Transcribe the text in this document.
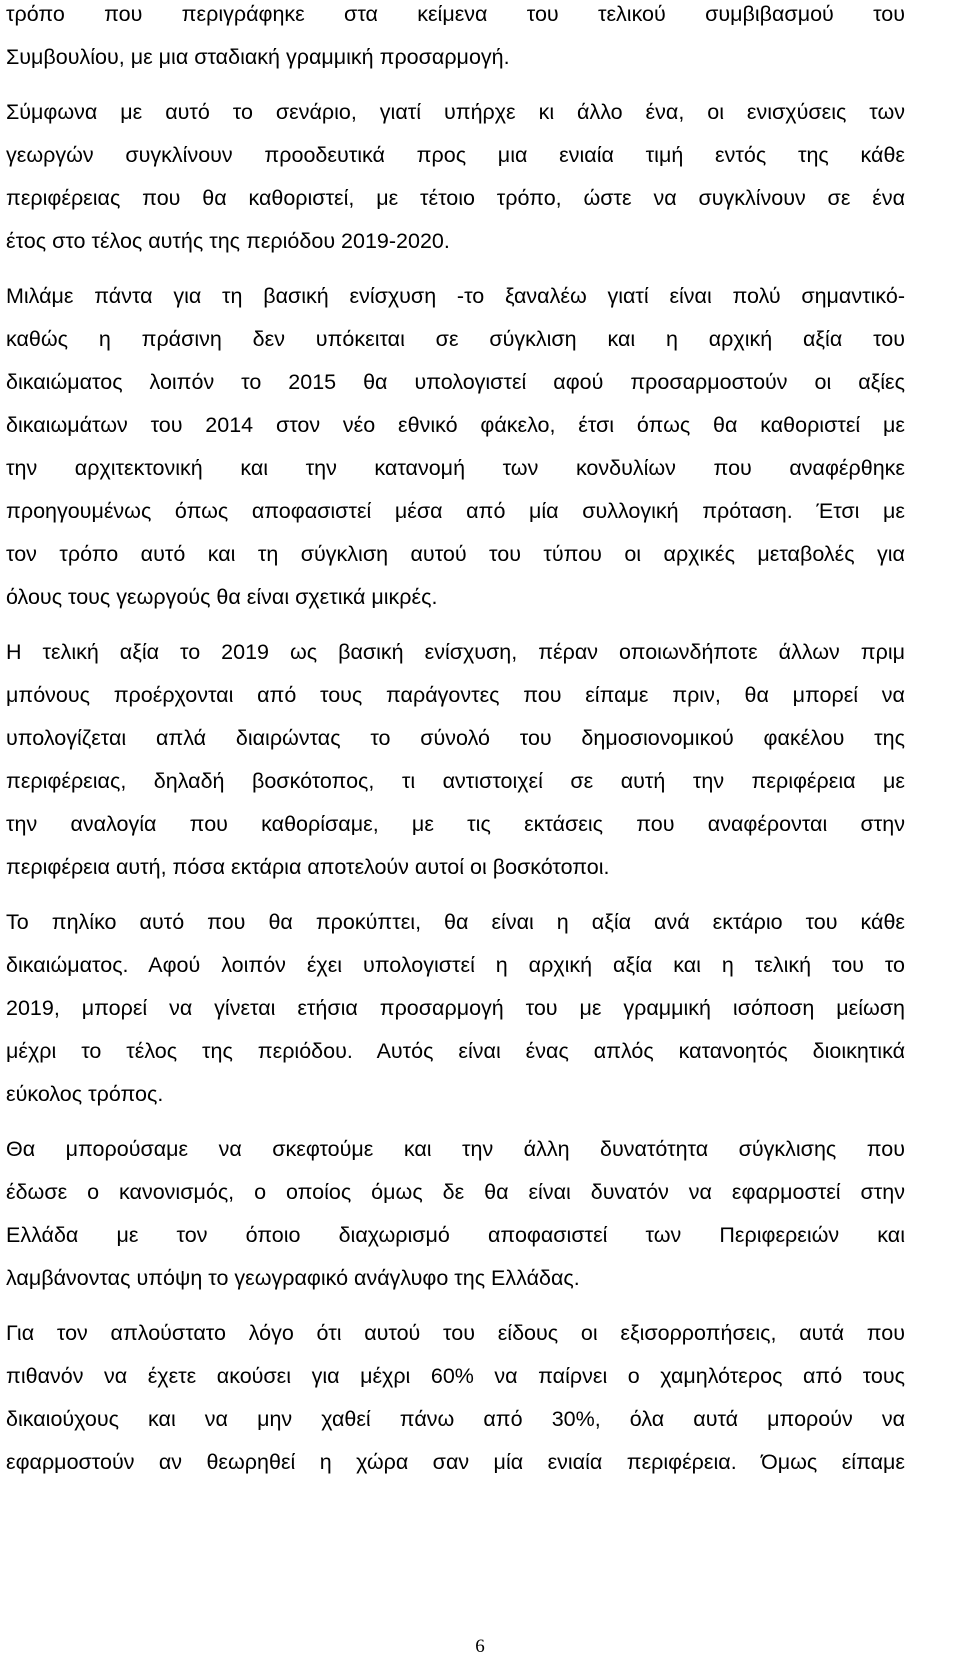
τρόπο που περιγράφηκε στα κείμενα του τελικού συμβιβασμού του
Συμβουλίου, με μια σταδιακή γραμμική προσαρμογή.

Σύμφωνα με αυτό το σενάριο, γιατί υπήρχε κι άλλο ένα, οι ενισχύσεις των
γεωργών συγκλίνουν προοδευτικά προς μια ενιαία τιμή εντός της κάθε
περιφέρειας που θα καθοριστεί, με τέτοιο τρόπο, ώστε να συγκλίνουν σε ένα
έτος στο τέλος αυτής της περιόδου 2019-2020.

Μιλάμε πάντα για τη βασική ενίσχυση -το ξαναλέω γιατί είναι πολύ σημαντικό-
καθώς η πράσινη δεν υπόκειται σε σύγκλιση και η αρχική αξία του
δικαιώματος λοιπόν το 2015 θα υπολογιστεί αφού προσαρμοστούν οι αξίες
δικαιωμάτων του 2014 στον νέο εθνικό φάκελο, έτσι όπως θα καθοριστεί με
την αρχιτεκτονική και την κατανομή των κονδυλίων που αναφέρθηκε
προηγουμένως όπως αποφασιστεί μέσα από μία συλλογική πρόταση. Έτσι με
τον τρόπο αυτό και τη σύγκλιση αυτού του τύπου οι αρχικές μεταβολές για
όλους τους γεωργούς θα είναι σχετικά μικρές.

Η τελική αξία το 2019 ως βασική ενίσχυση, πέραν οποιωνδήποτε άλλων πριμ
μπόνους προέρχονται από τους παράγοντες που είπαμε πριν, θα μπορεί να
υπολογίζεται απλά διαιρώντας το σύνολό του δημοσιονομικού φακέλου της
περιφέρειας, δηλαδή βοσκότοπος, τι αντιστοιχεί σε αυτή την περιφέρεια με
την αναλογία που καθορίσαμε, με τις εκτάσεις που αναφέρονται στην
περιφέρεια αυτή, πόσα εκτάρια αποτελούν αυτοί οι βοσκότοποι.

Το πηλίκο αυτό που θα προκύπτει, θα είναι η αξία ανά εκτάριο του κάθε
δικαιώματος. Αφού λοιπόν έχει υπολογιστεί η αρχική αξία και η τελική του το
2019, μπορεί να γίνεται ετήσια προσαρμογή του με γραμμική ισόποση μείωση
μέχρι το τέλος της περιόδου. Αυτός είναι ένας απλός κατανοητός διοικητικά
εύκολος τρόπος.

Θα μπορούσαμε να σκεφτούμε και την άλλη δυνατότητα σύγκλισης που
έδωσε ο κανονισμός, ο οποίος όμως δε θα είναι δυνατόν να εφαρμοστεί στην
Ελλάδα με τον όποιο διαχωρισμό αποφασιστεί των Περιφερειών και
λαμβάνοντας υπόψη το γεωγραφικό ανάγλυφο της Ελλάδας.

Για τον απλούστατο λόγο ότι αυτού του είδους οι εξισορροπήσεις, αυτά που
πιθανόν να έχετε ακούσει για μέχρι 60% να παίρνει ο χαμηλότερος από τους
δικαιούχους και να μην χαθεί πάνω από 30%, όλα αυτά μπορούν να
εφαρμοστούν αν θεωρηθεί η χώρα σαν μία ενιαία περιφέρεια. Όμως είπαμε

6
